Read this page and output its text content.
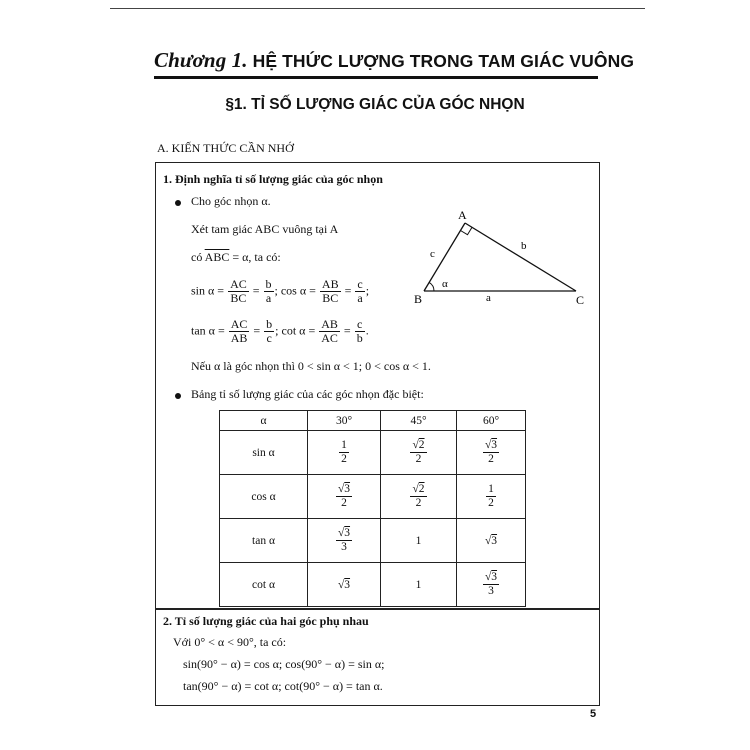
Chương 1. HỆ THỨC LƯỢNG TRONG TAM GIÁC VUÔNG
§1. TỈ SỐ LƯỢNG GIÁC CỦA GÓC NHỌN
A. KIẾN THỨC CẦN NHỚ
1. Định nghĩa tỉ số lượng giác của góc nhọn
Cho góc nhọn α.
Xét tam giác ABC vuông tại A
có $\overline{ABC} = \alpha$, ta có:
$\sin \alpha = \frac{AC}{BC} = \frac{b}{a}$ ; $\cos \alpha = \frac{AB}{BC} = \frac{c}{a}$ ;
$\tan \alpha = \frac{AC}{AB} = \frac{b}{c}$ ; $\cot \alpha = \frac{AB}{AC} = \frac{c}{b}$ .
Nếu α là góc nhọn thì 0 < sin α < 1; 0 < cos α < 1.
Bảng tỉ số lượng giác của các góc nhọn đặc biệt:
A
B	C
c
b
a
α
α	30°	45°	60°
sin α	$\frac{1}{2}$	$\frac{√2}{2}$	$\frac{√3}{2}$

cos α	$\frac{√3}{2}$	$\frac{√2}{2}$	$\frac{1}{2}$

tan α	$\frac{√3}{3}$	1	√3
cot α	√3	1	$\frac{√3}{3}$
2. Tỉ số lượng giác của hai góc phụ nhau
Với 0° < α < 90°, ta có:
sin(90° − α) = cos α; cos(90° − α) = sin α;
tan(90° − α) = cot α; cot(90° − α) = tan α.
5
